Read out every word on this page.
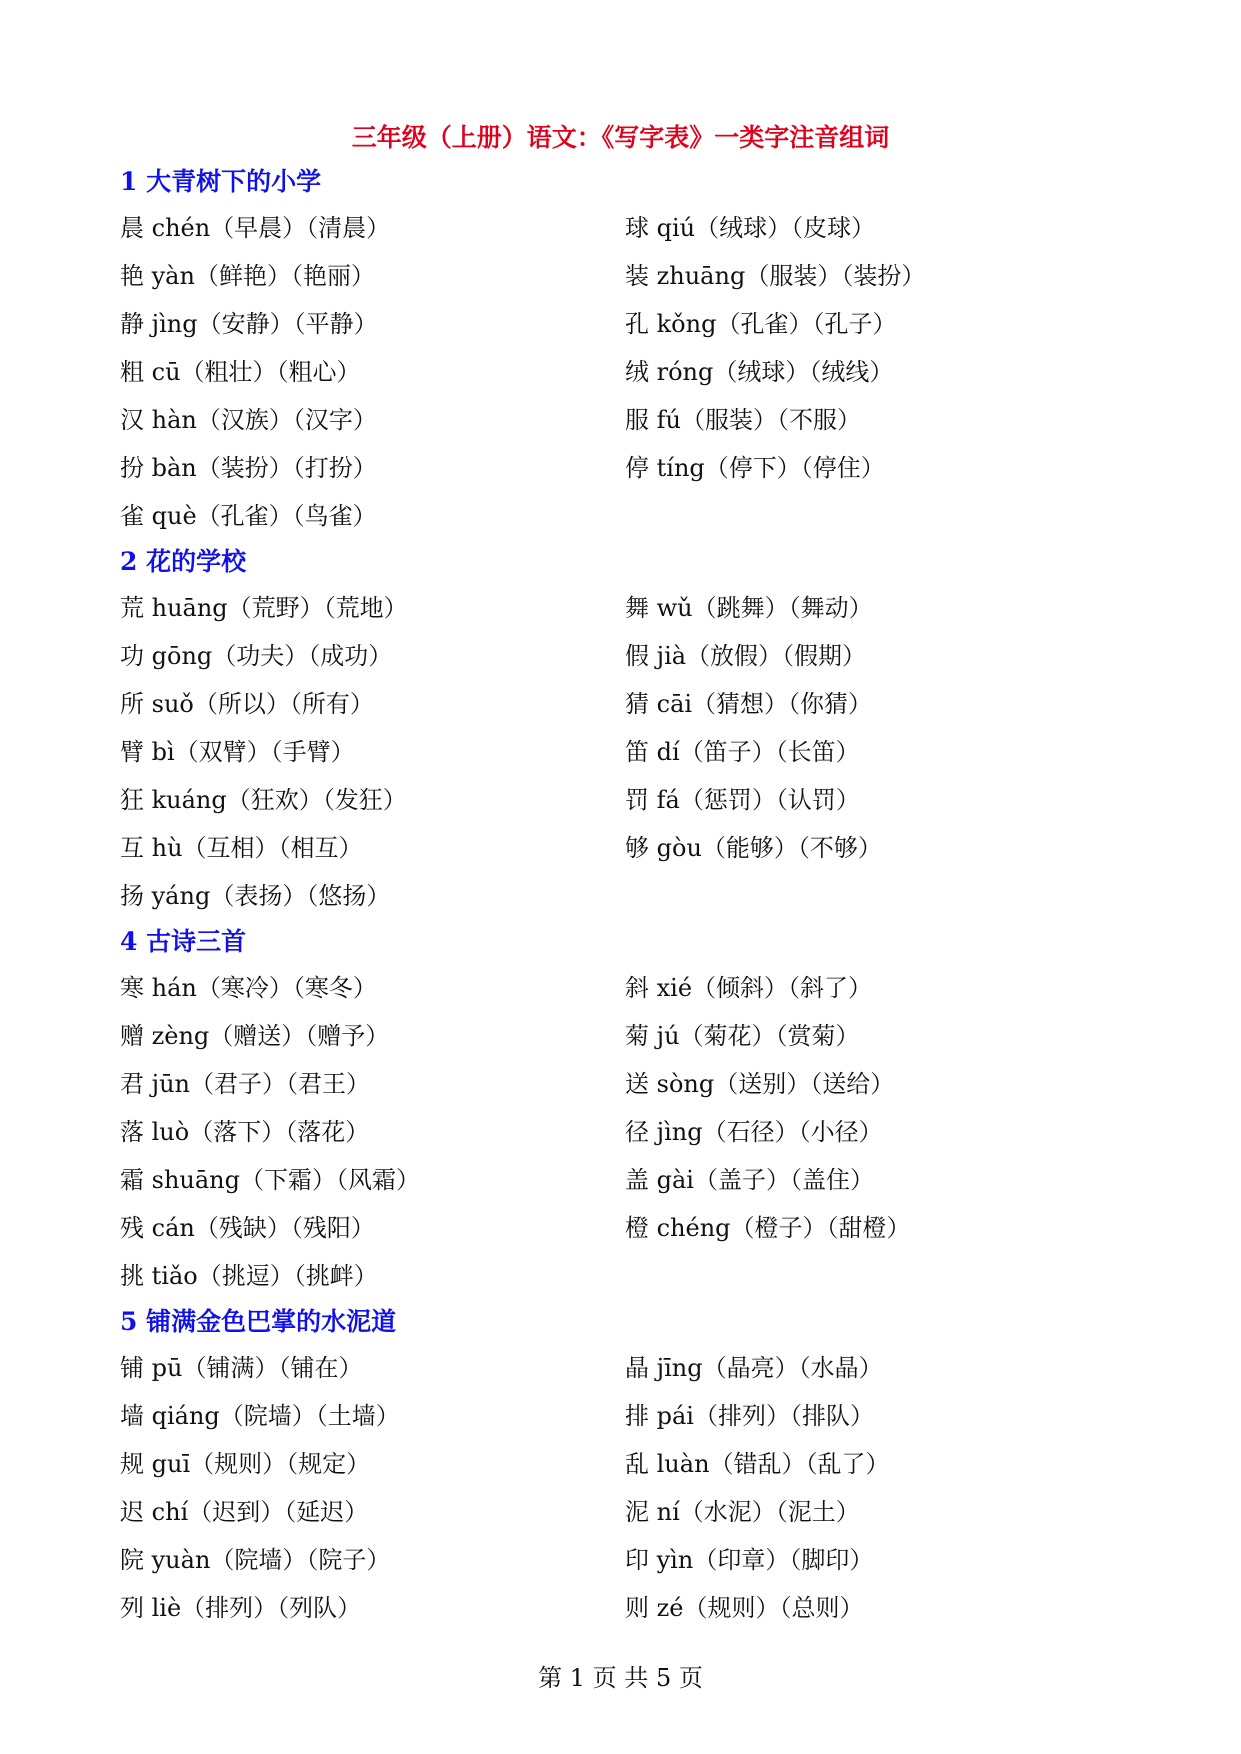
三年级（上册）语文：《写字表》一类字注音组词
1 大青树下的小学
晨 chén（早晨）（清晨）	球 qiú（绒球）（皮球）
艳 yàn（鲜艳）（艳丽）	装 zhuāng（服装）（装扮）
静 jìng（安静）（平静）	孔 kǒng（孔雀）（孔子）
粗 cū（粗壮）（粗心）	绒 róng（绒球）（绒线）
汉 hàn（汉族）（汉字）	服 fú（服装）（不服）
扮 bàn（装扮）（打扮）	停 tíng（停下）（停住）
雀 què（孔雀）（鸟雀）
2 花的学校
荒 huāng（荒野）（荒地）	舞 wǔ（跳舞）（舞动）
功 gōng（功夫）（成功）	假 jià（放假）（假期）
所 suǒ（所以）（所有）	猜 cāi（猜想）（你猜）
臂 bì（双臂）（手臂）	笛 dí（笛子）（长笛）
狂 kuáng（狂欢）（发狂）	罚 fá（惩罚）（认罚）
互 hù（互相）（相互）	够 gòu（能够）（不够）
扬 yáng（表扬）（悠扬）
4 古诗三首
寒 hán（寒冷）（寒冬）	斜 xié（倾斜）（斜了）
赠 zèng（赠送）（赠予）	菊 jú（菊花）（赏菊）
君 jūn（君子）（君王）	送 sòng（送别）（送给）
落 luò（落下）（落花）	径 jìng（石径）（小径）
霜 shuāng（下霜）（风霜）	盖 gài（盖子）（盖住）
残 cán（残缺）（残阳）	橙 chéng（橙子）（甜橙）
挑 tiǎo（挑逗）（挑衅）
5 铺满金色巴掌的水泥道
铺 pū（铺满）（铺在）	晶 jīng（晶亮）（水晶）
墙 qiáng（院墙）（土墙）	排 pái（排列）（排队）
规 guī（规则）（规定）	乱 luàn（错乱）（乱了）
迟 chí（迟到）（延迟）	泥 ní（水泥）（泥土）
院 yuàn（院墙）（院子）	印 yìn（印章）（脚印）
列 liè（排列）（列队）	则 zé（规则）（总则）
第 1 页 共 5 页
